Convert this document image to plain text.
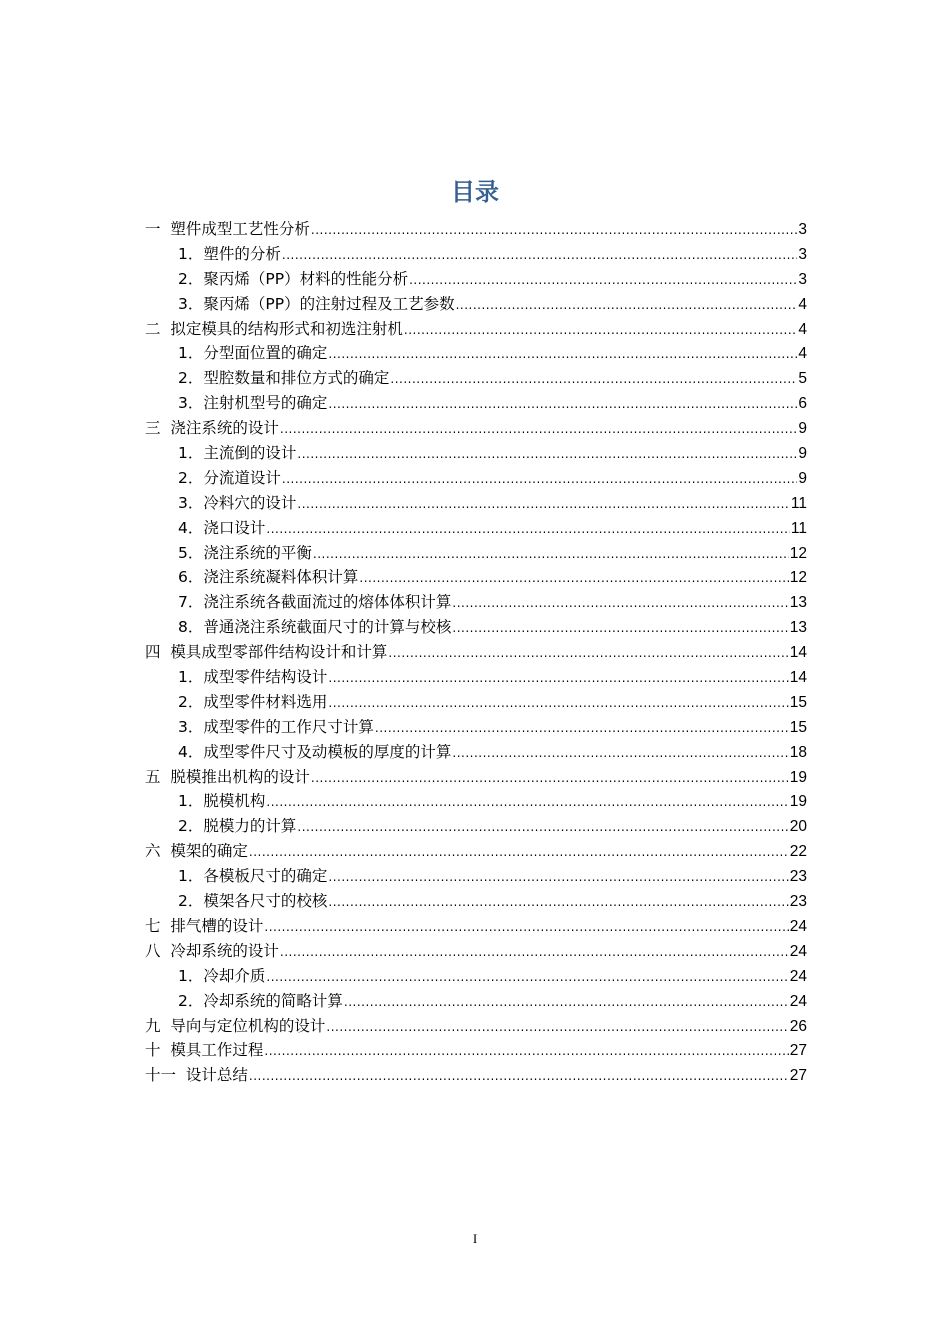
目录
一 塑件成型工艺性分析 .....	3
1． 塑件的分析 .....	3
2． 聚丙烯（PP）材料的性能分析 .....	3
3． 聚丙烯（PP）的注射过程及工艺参数 .....	4
二 拟定模具的结构形式和初选注射机 .....	4
1． 分型面位置的确定 .....	4
2． 型腔数量和排位方式的确定 .....	5
3． 注射机型号的确定 .....	6
三 浇注系统的设计 .....	9
1． 主流倒的设计 .....	9
2． 分流道设计 .....	9
3． 冷料穴的设计 .....	11
4． 浇口设计 .....	11
5． 浇注系统的平衡 .....	12
6． 浇注系统凝料体积计算 .....	12
7． 浇注系统各截面流过的熔体体积计算 .....	13
8． 普通浇注系统截面尺寸的计算与校核 .....	13
四 模具成型零部件结构设计和计算 .....	14
1． 成型零件结构设计 .....	14
2． 成型零件材料选用 .....	15
3． 成型零件的工作尺寸计算 .....	15
4． 成型零件尺寸及动模板的厚度的计算 .....	18
五 脱模推出机构的设计 .....	19
1． 脱模机构 .....	19
2． 脱模力的计算 .....	20
六 模架的确定 .....	22
1． 各模板尺寸的确定 .....	23
2． 模架各尺寸的校核 .....	23
七 排气槽的设计 .....	24
八 冷却系统的设计 .....	24
1． 冷却介质 .....	24
2． 冷却系统的简略计算 .....	24
九 导向与定位机构的设计 .....	26
十 模具工作过程 .....	27
十一 设计总结 .....	27
I
